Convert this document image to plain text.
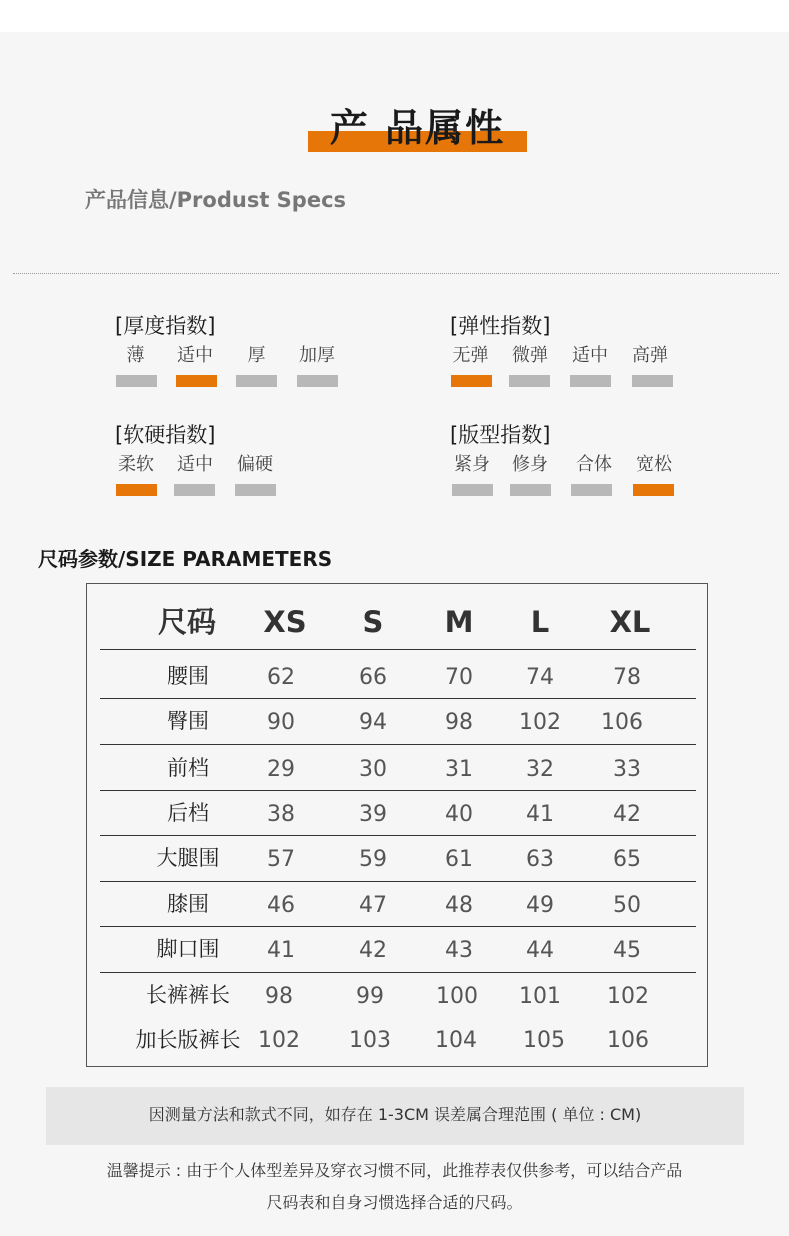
产 品属性
产品信息/Produst Specs
[厚度指数]
薄	适中	厚	加厚
[弹性指数]
无弹 微弹 适中 高弹
[软硬指数]
柔软 适中 偏硬
[版型指数]
紧身 修身 合体 宽松
尺码参数/SIZE PARAMETERS
尺码	XS	S	M	L	XL
腰围	62	66	70	74	78
臀围	90	94	98	102	106
前档	29	30	31	32	33
后档	38	39	40	41	42
大腿围	57	59	61	63	65
膝围	46	47	48	49	50
脚口围	41	42	43	44	45
长裤裤长	98	99	100	101	102
加长版裤长 102	103	104	105	106
因测量方法和款式不同，如存在 1-3CM 误差属合理范围 ( 单位 : CM)
温馨提示 : 由于个人体型差异及穿衣习惯不同，此推荐表仅供参考，可以结合产品
尺码表和自身习惯选择合适的尺码。
